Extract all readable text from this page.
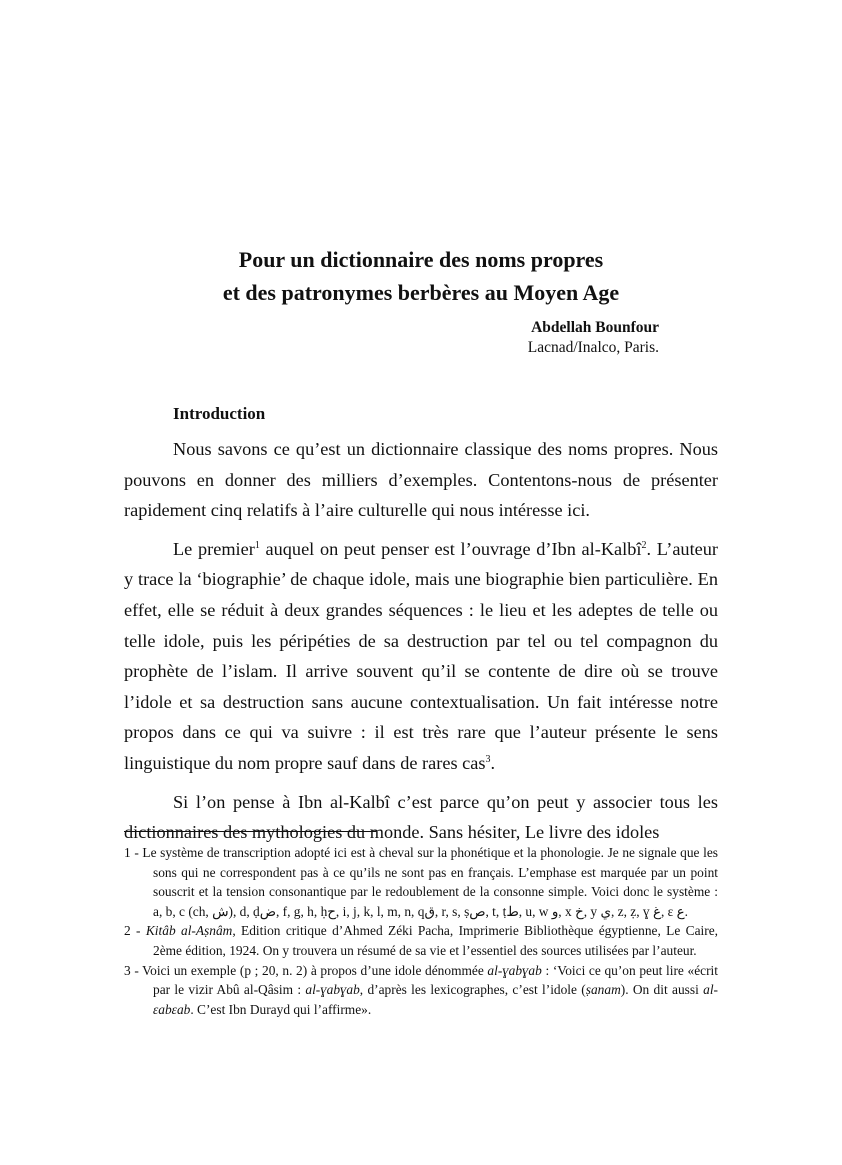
Pour un dictionnaire des noms propres
et des patronymes berbères au Moyen Age
Abdellah Bounfour
Lacnad/Inalco, Paris.
Introduction

Nous savons ce qu’est un dictionnaire classique des noms propres. Nous pouvons en donner des milliers d’exemples. Contentons-nous de présenter rapidement cinq relatifs à l’aire culturelle qui nous intéresse ici.

Le premier$^1$ auquel on peut penser est l’ouvrage d’Ibn al-Kalbî$^2$. L’auteur y trace la ‘biographie’ de chaque idole, mais une biographie bien particulière. En effet, elle se réduit à deux grandes séquences : le lieu et les adeptes de telle ou telle idole, puis les péripéties de sa destruction par tel ou tel compagnon du prophète de l’islam. Il arrive souvent qu’il se contente de dire où se trouve l’idole et sa destruction sans aucune contextualisation. Un fait intéresse notre propos dans ce qui va suivre : il est très rare que l’auteur présente le sens linguistique du nom propre sauf dans de rares cas$^3$.

Si l’on pense à Ibn al-Kalbî c’est parce qu’on peut y associer tous les dictionnaires des mythologies du monde. Sans hésiter, Le livre des idoles

1 - Le système de transcription adopté ici est à cheval sur la phonétique et la phonologie. Je ne signale que les sons qui ne correspondent pas à ce qu’ils ne sont pas en français. L’emphase est marquée par un point souscrit et la tension consonantique par le redoublement de la consonne simple. Voici donc le système : a, b, c (ch, ش), d, ḍض, f, g, h, ḥح, i, j, k, l, m, n, qق, r, s, ṣص, t, ṭط, u, w و, x خ, y ي, z, ẓ, ɣ غ, ɛ ع.

2 - Kitâb al-Aṣnâm, Edition critique d’Ahmed Zéki Pacha, Imprimerie Bibliothèque égyptienne, Le Caire, 2ème édition, 1924. On y trouvera un résumé de sa vie et l’essentiel des sources utilisées par l’auteur.

3 - Voici un exemple (p ; 20, n. 2) à propos d’une idole dénommée al-ɣabɣab : ‘Voici ce qu’on peut lire «écrit par le vizir Abû al-Qâsim : al-ɣabɣab, d’après les lexicographes, c’est l’idole (ṣanam). On dit aussi al-ɛabɛab. C’est Ibn Durayd qui l’affirme».
